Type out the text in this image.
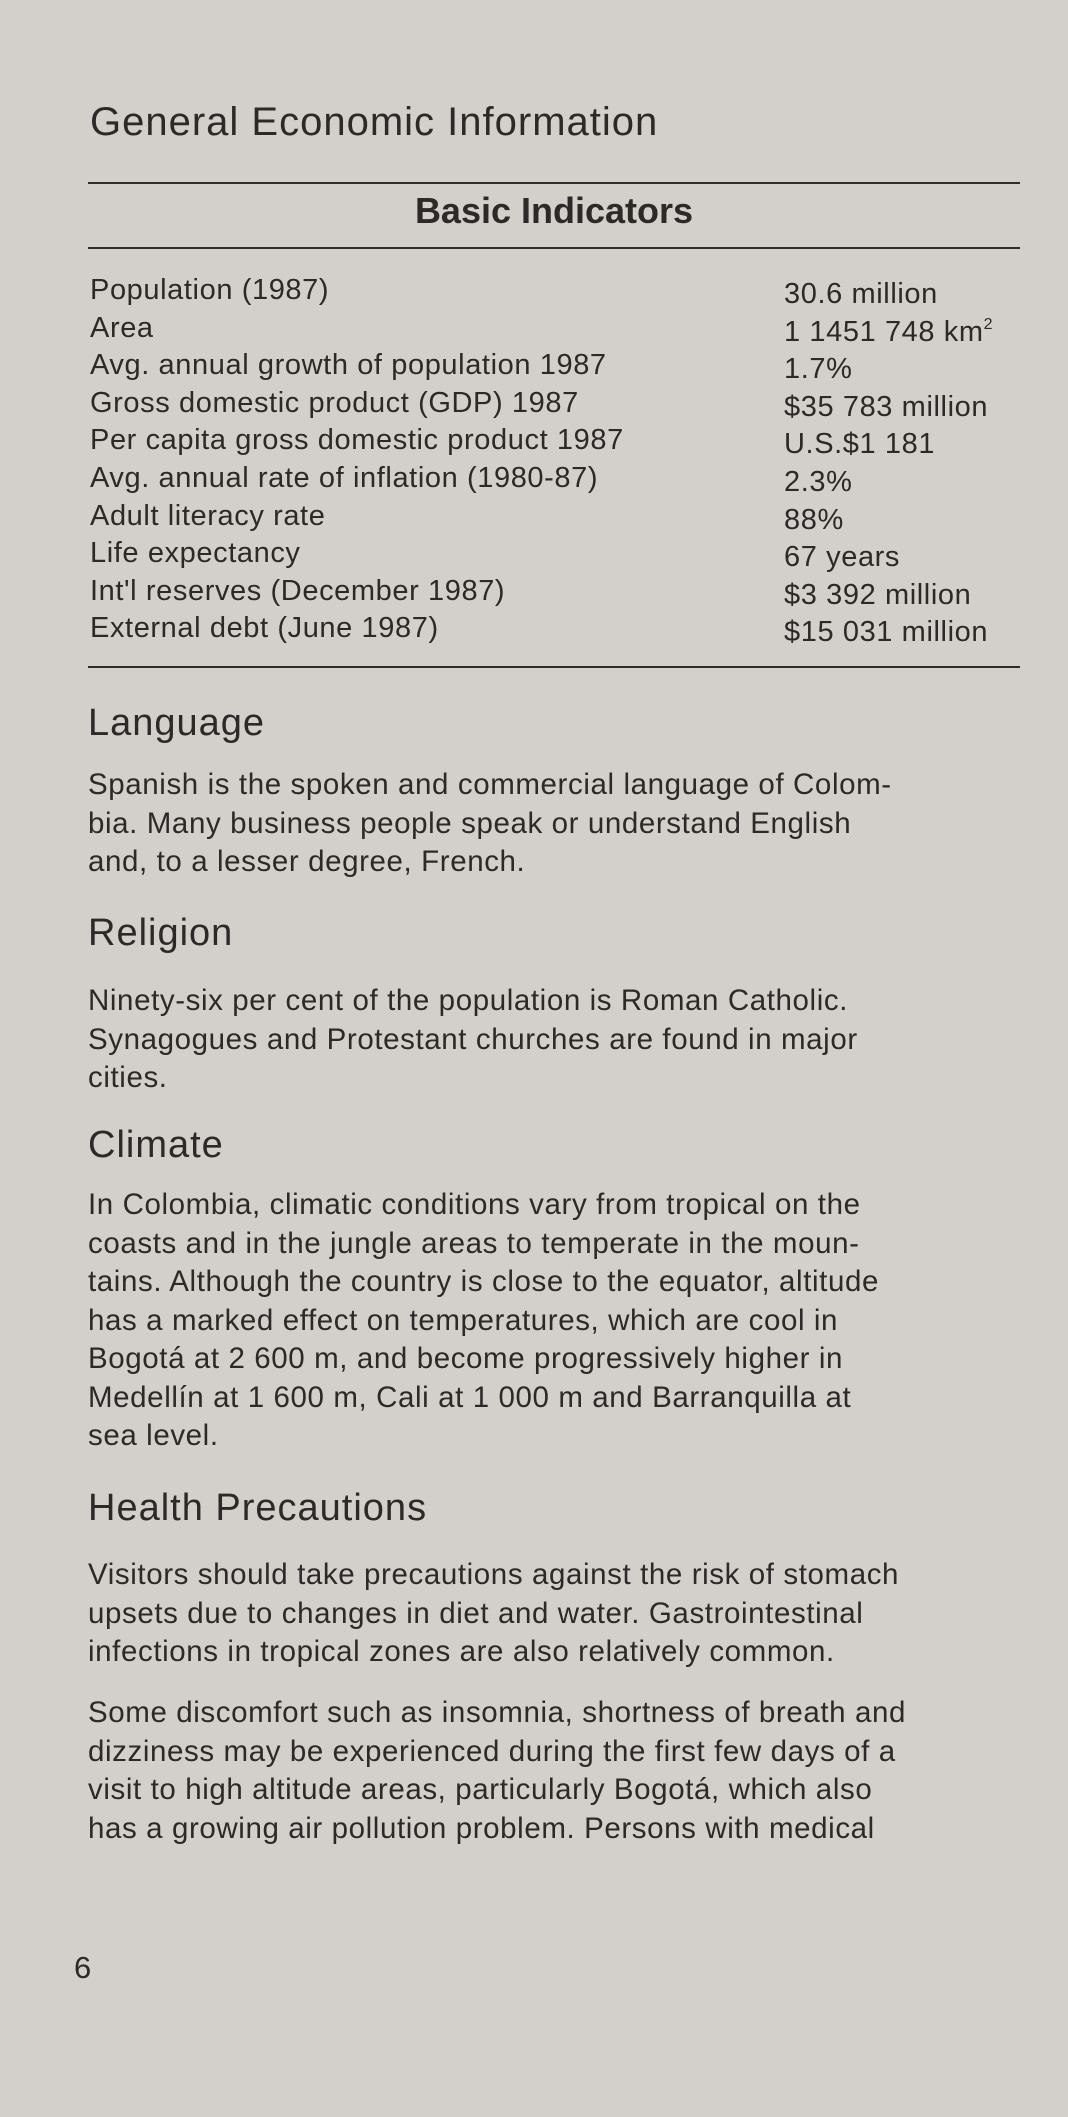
General Economic Information
Basic Indicators
Population (1987)	30.6 million
Area	1 1451 748 $km^2$
Avg. annual growth of population 1987	1.7%
Gross domestic product (GDP) 1987	$35 783 million
Per capita gross domestic product 1987	U.S.$1 181
Avg. annual rate of inflation (1980-87)	2.3%
Adult literacy rate	88%
Life expectancy	67 years
Int'l reserves (December 1987)	$3 392 million
External debt (June 1987)	$15 031 million
Language

Spanish is the spoken and commercial language of Colom-
bia. Many business people speak or understand English
and, to a lesser degree, French.

Religion

Ninety-six per cent of the population is Roman Catholic.
Synagogues and Protestant churches are found in major
cities.

Climate

In Colombia, climatic conditions vary from tropical on the
coasts and in the jungle areas to temperate in the moun-
tains. Although the country is close to the equator, altitude
has a marked effect on temperatures, which are cool in
Bogotá at 2 600 m, and become progressively higher in
Medellín at 1 600 m, Cali at 1 000 m and Barranquilla at
sea level.

Health Precautions

Visitors should take precautions against the risk of stomach
upsets due to changes in diet and water. Gastrointestinal
infections in tropical zones are also relatively common.

Some discomfort such as insomnia, shortness of breath and
dizziness may be experienced during the first few days of a
visit to high altitude areas, particularly Bogotá, which also
has a growing air pollution problem. Persons with medical

6
